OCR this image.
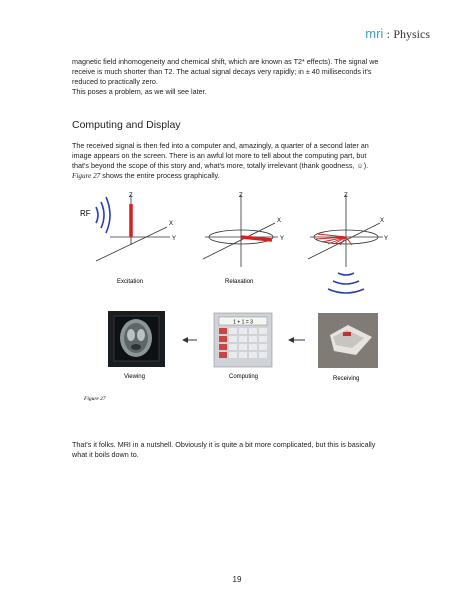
mri : Physics
magnetic field inhomogeneity and chemical shift, which are known as T2* effects). The signal we
receive is much shorter than T2. The actual signal decays very rapidly; in ± 40 milliseconds it's
reduced to practically zero.
This poses a problem, as we will see later.
Computing and Display
The received signal is then fed into a computer and, amazingly, a quarter of a second later an
image appears on the screen. There is an awful lot more to tell about the computing part, but
that's beyond the scope of this story and, what's more, totally irrelevant (thank goodness, ☺).
Figure 27 shows the entire process graphically.
RF
Z
X
Y
Excitation
Z
X
Y
Relaxation
Z
X
Y
Viewing
1 + 1 = 3
Computing	Receiving
Figure 27
That's it folks. MRI in a nutshell. Obviously it is quite a bit more complicated, but this is basically
what it boils down to.
19
